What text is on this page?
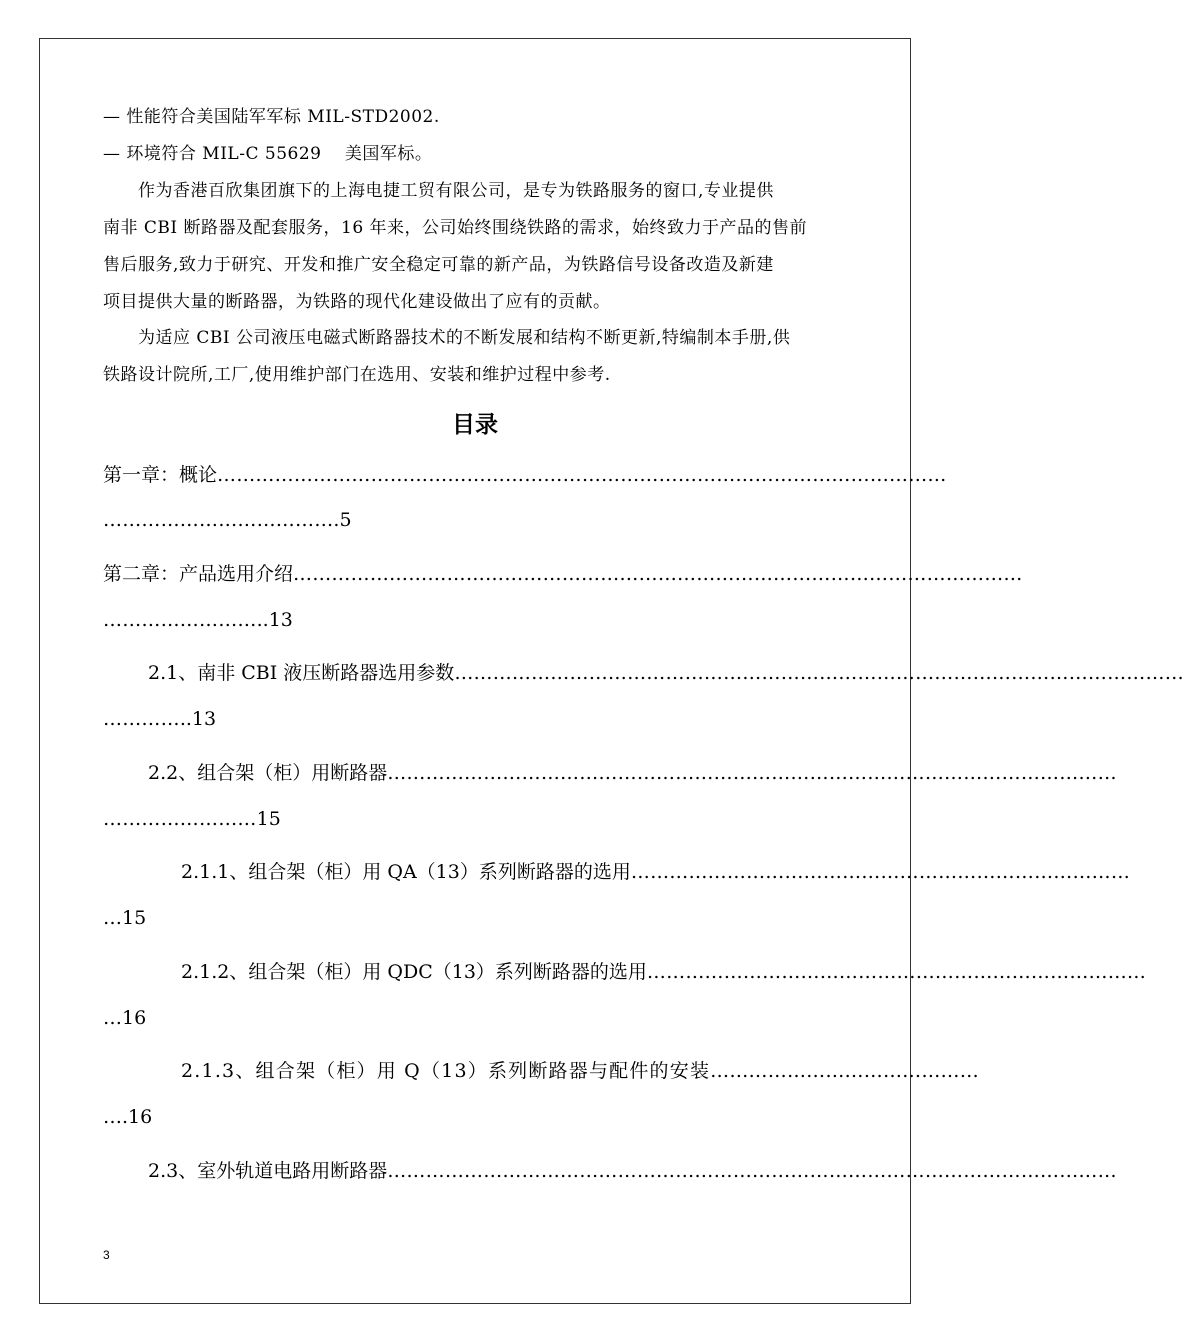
— 性能符合美国陆军军标 MIL-STD2002.
— 环境符合 MIL-C 55629　 美国军标。
　　作为香港百欣集团旗下的上海电捷工贸有限公司，是专为铁路服务的窗口,专业提供
南非 CBI 断路器及配套服务，16 年来，公司始终围绕铁路的需求，始终致力于产品的售前
售后服务,致力于研究、开发和推广安全稳定可靠的新产品，为铁路信号设备改造及新建
项目提供大量的断路器，为铁路的现代化建设做出了应有的贡献。
　　为适应 CBI 公司液压电磁式断路器技术的不断发展和结构不断更新,特编制本手册,供
铁路设计院所,工厂,使用维护部门在选用、安装和维护过程中参考.
目录
第一章：概论 ……………………………………………………………………………………………………
……………………………… .5
第二章：产品选用介绍 ……………………………………………………………………………………………………
…………………… ..13
2.1、南非 CBI 液压断路器选用参数 ……………………………………………………………………………………………………
………… ..13
2.2、组合架（柜）用断路器 ……………………………………………………………………………………………………
…………………… 15
2.1.1、组合架（柜）用 QA（13）系列断路器的选用 ……………………………………………………………………
… 15
2.1.2、组合架（柜）用 QDC（13）系列断路器的选用 ……………………………………………………………………
… 16
2.1.3、组合架（柜）用 Q（13）系列断路器与配件的安装 ……………………………………
… .16
2.3、室外轨道电路用断路器 ……………………………………………………………………………………………………
3
